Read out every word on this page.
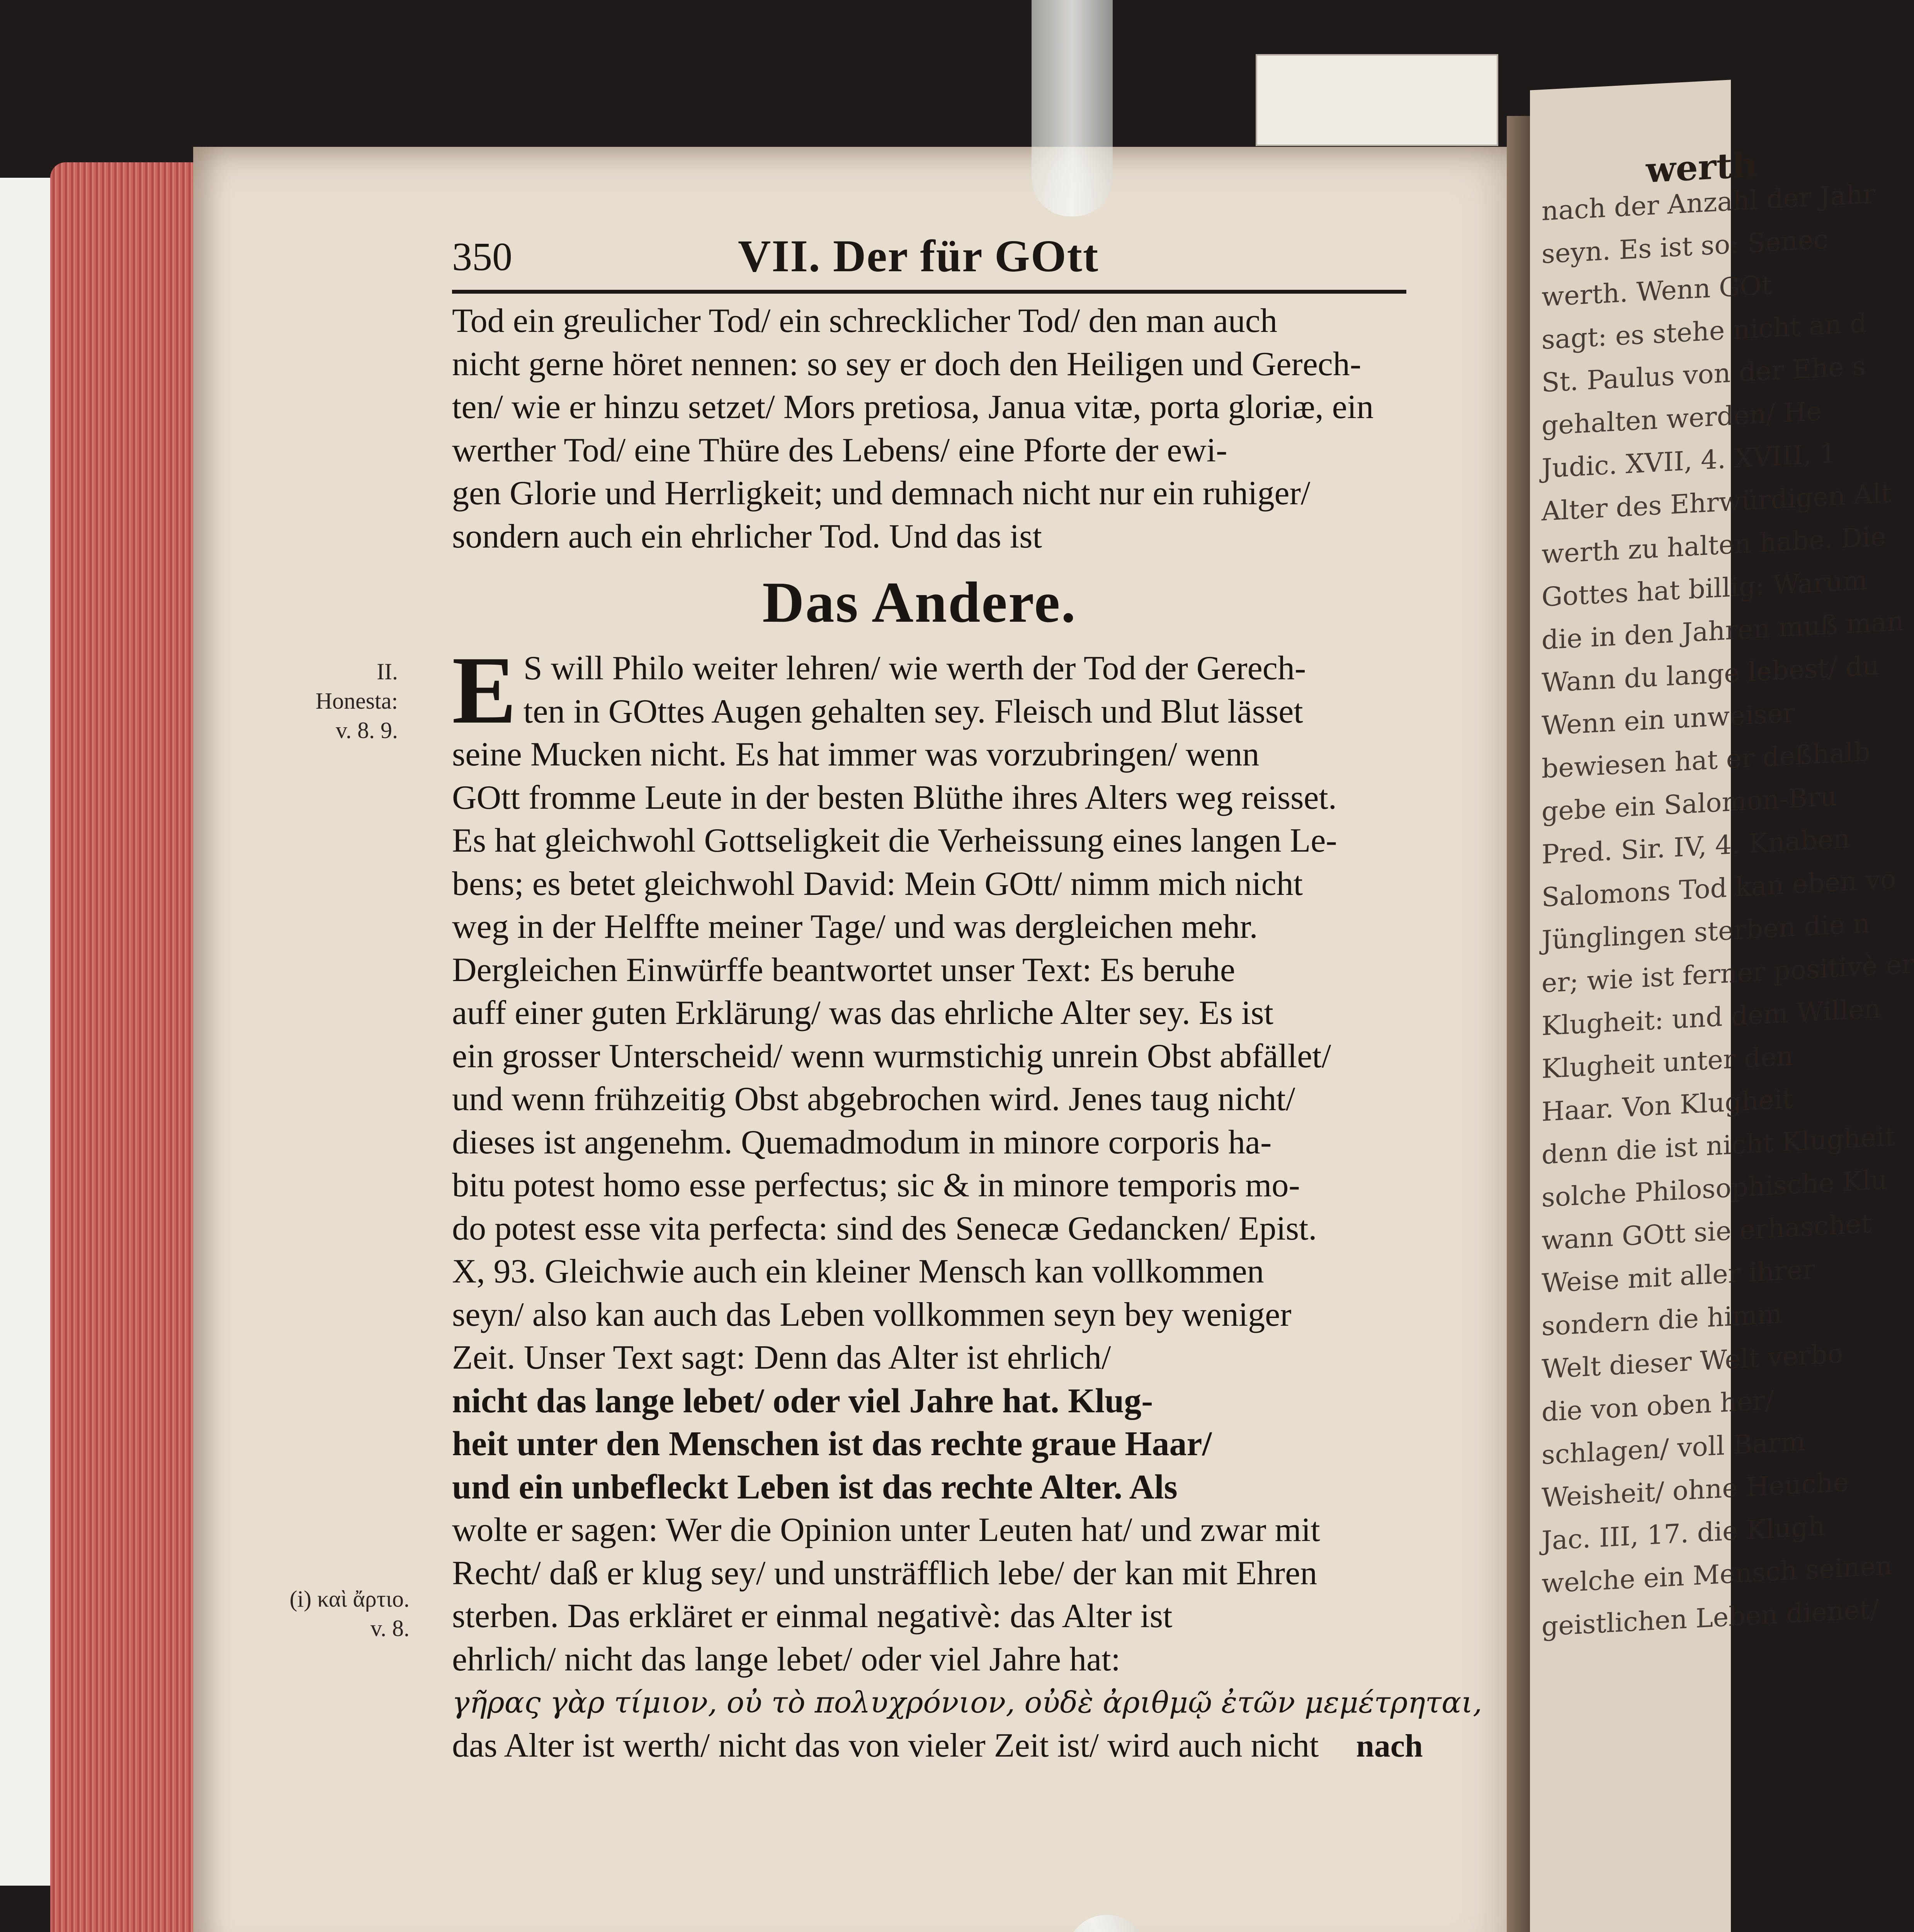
werth
nach der Anzahl der Jahr
seyn. Es ist so: Senec
werth. Wenn GOt
sagt: es stehe nicht an d
St. Paulus von der Ehe s
gehalten werden/ He
Judic. XVII, 4. XVIII, 1
Alter des Ehrwürdigen Alt
werth zu halten habe. Die
Gottes hat billig: Warum
die in den Jahren muß man
Wann du lange lebest/ du
Wenn ein unweiser
bewiesen hat er deßhalb
gebe ein Salomon-Bru
Pred. Sir. IV, 4. Knaben
Salomons Tod kan eben vo
Jünglingen sterben die n
er; wie ist ferner positivè er
Klugheit: und dem Willen
Klugheit unter den
Haar. Von Klugheit
denn die ist nicht Klugheit
solche Philosophische Klu
wann GOtt sie erhaschet
Weise mit aller ihrer
sondern die himm
Welt dieser Welt verbo
die von oben her/
schlagen/ voll Barm
Weisheit/ ohne Heuche
Jac. III, 17. die Klugh
welche ein Mensch seinen
geistlichen Leben dienet/
350	VII. Der für GOtt
Tod ein greulicher Tod/ ein schrecklicher Tod/ den man auch
nicht gerne höret nennen: so sey er doch den Heiligen und Gerech-
ten/ wie er hinzu setzet/ Mors pretiosa, Janua vitæ, porta gloriæ, ein
werther Tod/ eine Thüre des Lebens/ eine Pforte der ewi-
gen Glorie und Herrligkeit; und demnach nicht nur ein ruhiger/
sondern auch ein ehrlicher Tod. Und das ist
Das Andere.
E S will Philo weiter lehren/ wie werth der Tod der Gerech-
ten in GOttes Augen gehalten sey. Fleisch und Blut lässet
seine Mucken nicht. Es hat immer was vorzubringen/ wenn
GOtt fromme Leute in der besten Blüthe ihres Alters weg reisset.
Es hat gleichwohl Gottseligkeit die Verheissung eines langen Le-
bens; es betet gleichwohl David: Mein GOtt/ nimm mich nicht
weg in der Helffte meiner Tage/ und was dergleichen mehr.
Dergleichen Einwürffe beantwortet unser Text: Es beruhe
auff einer guten Erklärung/ was das ehrliche Alter sey. Es ist
ein grosser Unterscheid/ wenn wurmstichig unrein Obst abfället/
und wenn frühzeitig Obst abgebrochen wird. Jenes taug nicht/
dieses ist angenehm. Quemadmodum in minore corporis ha-
bitu potest homo esse perfectus; sic & in minore temporis mo-
do potest esse vita perfecta: sind des Senecæ Gedancken/ Epist.
X, 93. Gleichwie auch ein kleiner Mensch kan vollkommen
seyn/ also kan auch das Leben vollkommen seyn bey weniger
Zeit. Unser Text sagt: Denn das Alter ist ehrlich/
nicht das lange lebet/ oder viel Jahre hat. Klug-
heit unter den Menschen ist das rechte graue Haar/
und ein unbefleckt Leben ist das rechte Alter. Als
wolte er sagen: Wer die Opinion unter Leuten hat/ und zwar mit
Recht/ daß er klug sey/ und unsträfflich lebe/ der kan mit Ehren
sterben. Das erkläret er einmal negativè: das Alter ist
ehrlich/ nicht das lange lebet/ oder viel Jahre hat:
γῆρας γὰρ τίμιον, οὐ τὸ πολυχρόνιον, οὐδὲ ἀριθμῷ ἐτῶν μεμέτρηται,
das Alter ist werth/ nicht das von vieler Zeit ist/ wird auch nicht	nach
II.
Honesta:
v. 8. 9.
(i) καὶ ἄρτιο.
v. 8.
